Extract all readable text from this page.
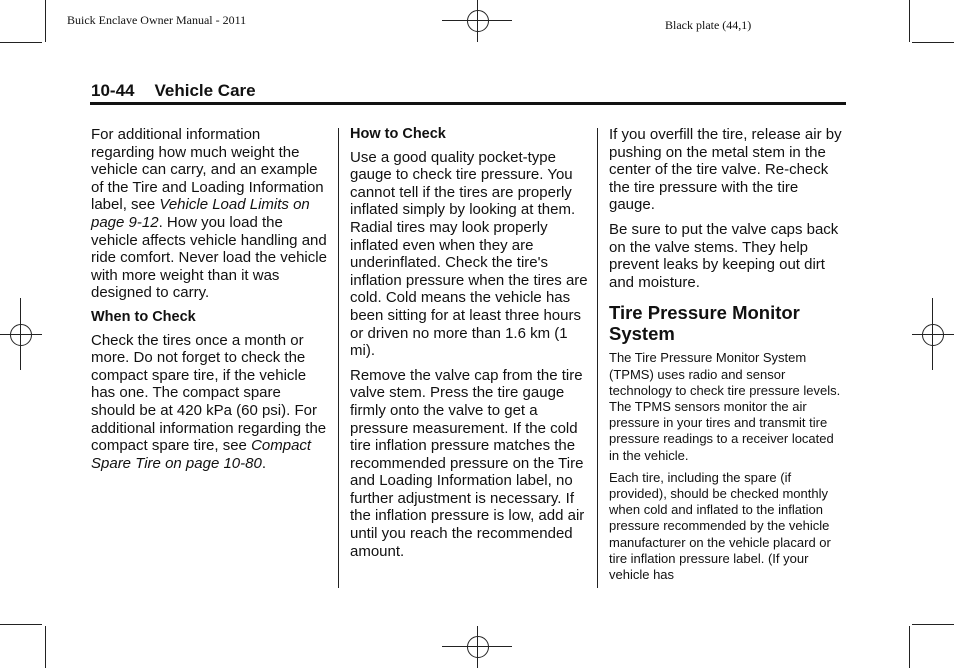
Buick Enclave Owner Manual - 2011	Black plate (44,1)
10-44 Vehicle Care

For additional information regarding how much weight the vehicle can carry, and an example of the Tire and Loading Information label, see Vehicle Load Limits on page 9-12. How you load the vehicle affects vehicle handling and ride comfort. Never load the vehicle with more weight than it was designed to carry.

When to Check

Check the tires once a month or more. Do not forget to check the compact spare tire, if the vehicle has one. The compact spare should be at 420 kPa (60 psi). For additional information regarding the compact spare tire, see Compact Spare Tire on page 10-80.

How to Check

Use a good quality pocket-type gauge to check tire pressure. You cannot tell if the tires are properly inflated simply by looking at them. Radial tires may look properly inflated even when they are underinflated. Check the tire's inflation pressure when the tires are cold. Cold means the vehicle has been sitting for at least three hours or driven no more than 1.6 km (1 mi).

Remove the valve cap from the tire valve stem. Press the tire gauge firmly onto the valve to get a pressure measurement. If the cold tire inflation pressure matches the recommended pressure on the Tire and Loading Information label, no further adjustment is necessary. If the inflation pressure is low, add air until you reach the recommended amount.

If you overfill the tire, release air by pushing on the metal stem in the center of the tire valve. Re-check the tire pressure with the tire gauge.

Be sure to put the valve caps back on the valve stems. They help prevent leaks by keeping out dirt and moisture.

Tire Pressure Monitor System

The Tire Pressure Monitor System (TPMS) uses radio and sensor technology to check tire pressure levels. The TPMS sensors monitor the air pressure in your tires and transmit tire pressure readings to a receiver located in the vehicle.

Each tire, including the spare (if provided), should be checked monthly when cold and inflated to the inflation pressure recommended by the vehicle manufacturer on the vehicle placard or tire inflation pressure label. (If your vehicle has
